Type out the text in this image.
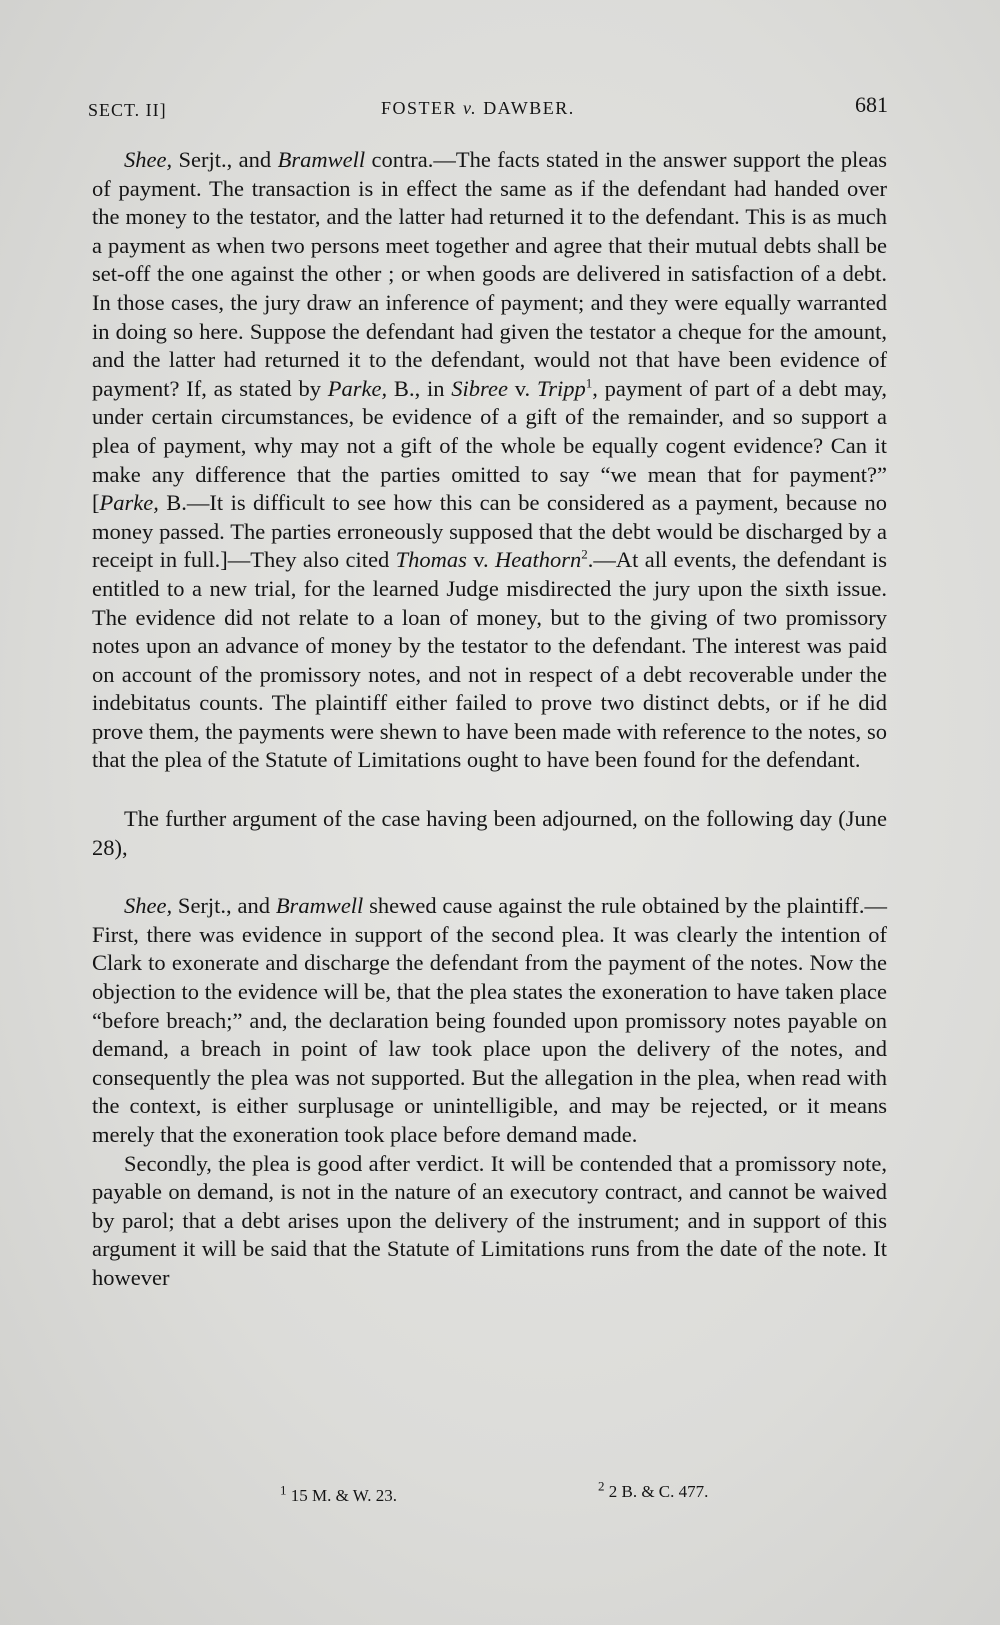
SECT. II]	FOSTER v. DAWBER.	681

Shee, Serjt., and Bramwell contra.—The facts stated in the answer support the pleas of payment. The transaction is in effect the same as if the defendant had handed over the money to the testator, and the latter had returned it to the defendant. This is as much a payment as when two persons meet together and agree that their mutual debts shall be set-off the one against the other ; or when goods are delivered in satisfaction of a debt. In those cases, the jury draw an inference of payment; and they were equally warranted in doing so here. Suppose the defendant had given the testator a cheque for the amount, and the latter had returned it to the defendant, would not that have been evidence of payment? If, as stated by Parke, B., in Sibree v. Tripp$^1$, payment of part of a debt may, under certain circumstances, be evidence of a gift of the remainder, and so support a plea of payment, why may not a gift of the whole be equally cogent evidence? Can it make any difference that the parties omitted to say “we mean that for payment?” [Parke, B.—It is difficult to see how this can be considered as a payment, because no money passed. The parties erroneously supposed that the debt would be discharged by a receipt in full.]—They also cited Thomas v. Heathorn$^2$.—At all events, the defendant is entitled to a new trial, for the learned Judge misdirected the jury upon the sixth issue. The evidence did not relate to a loan of money, but to the giving of two promissory notes upon an advance of money by the testator to the defendant. The interest was paid on account of the promissory notes, and not in respect of a debt recoverable under the indebitatus counts. The plaintiff either failed to prove two distinct debts, or if he did prove them, the payments were shewn to have been made with reference to the notes, so that the plea of the Statute of Limitations ought to have been found for the defendant.

The further argument of the case having been adjourned, on the following day (June 28),

Shee, Serjt., and Bramwell shewed cause against the rule obtained by the plaintiff.—First, there was evidence in support of the second plea. It was clearly the intention of Clark to exonerate and discharge the defendant from the payment of the notes. Now the objection to the evidence will be, that the plea states the exoneration to have taken place “before breach;” and, the declaration being founded upon promissory notes payable on demand, a breach in point of law took place upon the delivery of the notes, and consequently the plea was not supported. But the allegation in the plea, when read with the context, is either surplusage or unintelligible, and may be rejected, or it means merely that the exoneration took place before demand made.

Secondly, the plea is good after verdict. It will be contended that a promissory note, payable on demand, is not in the nature of an executory contract, and cannot be waived by parol; that a debt arises upon the delivery of the instrument; and in support of this argument it will be said that the Statute of Limitations runs from the date of the note. It however

$^1$ 15 M. & W. 23.
$^2$ 2 B. & C. 477.
